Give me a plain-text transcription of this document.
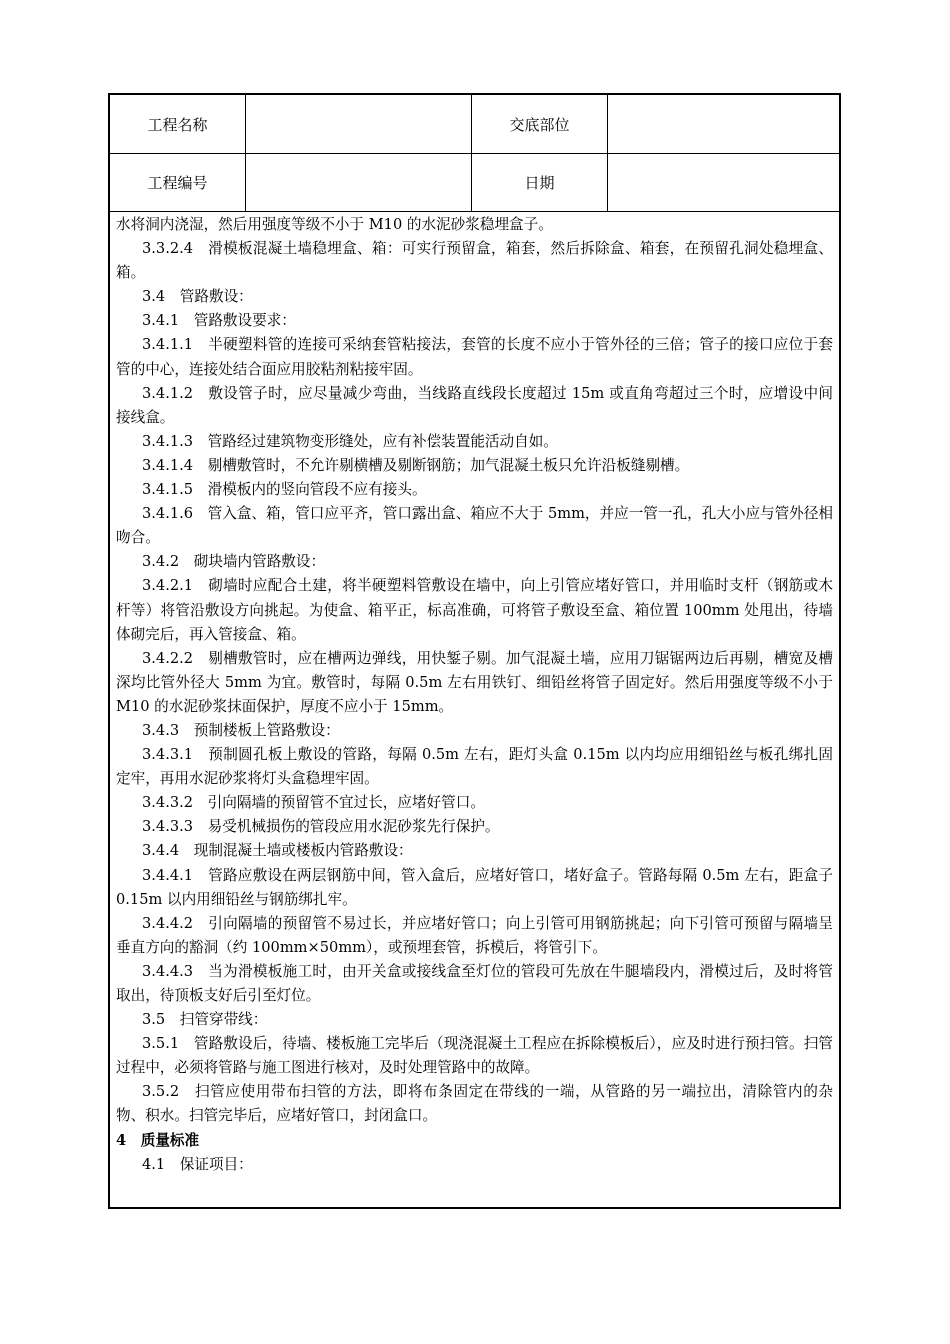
工程名称	交底部位
工程编号	日期

水将洞内浇湿，然后用强度等级不小于 M10 的水泥砂浆稳埋盒子。

3.3.2.4　滑模板混凝土墙稳埋盒、箱：可实行预留盒，箱套，然后拆除盒、箱套，在预留孔洞处稳埋盒、箱。

3.4　管路敷设：

3.4.1　管路敷设要求：

3.4.1.1　半硬塑料管的连接可采纳套管粘接法，套管的长度不应小于管外径的三倍；管子的接口应位于套管的中心，连接处结合面应用胶粘剂粘接牢固。

3.4.1.2　敷设管子时，应尽量减少弯曲，当线路直线段长度超过 15m 或直角弯超过三个时，应增设中间接线盒。

3.4.1.3　管路经过建筑物变形缝处，应有补偿装置能活动自如。

3.4.1.4　剔槽敷管时，不允许剔横槽及剔断钢筋；加气混凝土板只允许沿板缝剔槽。

3.4.1.5　滑模板内的竖向管段不应有接头。

3.4.1.6　管入盒、箱，管口应平齐，管口露出盒、箱应不大于 5mm，并应一管一孔，孔大小应与管外径相吻合。

3.4.2　砌块墙内管路敷设：

3.4.2.1　砌墙时应配合土建，将半硬塑料管敷设在墙中，向上引管应堵好管口，并用临时支杆（钢筋或木杆等）将管沿敷设方向挑起。为使盒、箱平正，标高准确，可将管子敷设至盒、箱位置 100mm 处甩出，待墙体砌完后，再入管接盒、箱。

3.4.2.2　剔槽敷管时，应在槽两边弹线，用快錾子剔。加气混凝土墙，应用刀锯锯两边后再剔，槽宽及槽深均比管外径大 5mm 为宜。敷管时，每隔 0.5m 左右用铁钉、细铅丝将管子固定好。然后用强度等级不小于 M10 的水泥砂浆抹面保护，厚度不应小于 15mm。

3.4.3　预制楼板上管路敷设：

3.4.3.1　预制圆孔板上敷设的管路，每隔 0.5m 左右，距灯头盒 0.15m 以内均应用细铅丝与板孔绑扎固定牢，再用水泥砂浆将灯头盒稳埋牢固。

3.4.3.2　引向隔墙的预留管不宜过长，应堵好管口。

3.4.3.3　易受机械损伤的管段应用水泥砂浆先行保护。

3.4.4　现制混凝土墙或楼板内管路敷设：

3.4.4.1　管路应敷设在两层钢筋中间，管入盒后，应堵好管口，堵好盒子。管路每隔 0.5m 左右，距盒子 0.15m 以内用细铅丝与钢筋绑扎牢。

3.4.4.2　引向隔墙的预留管不易过长，并应堵好管口；向上引管可用钢筋挑起；向下引管可预留与隔墙呈垂直方向的豁洞（约 100mm×50mm），或预埋套管，拆模后，将管引下。

3.4.4.3　当为滑模板施工时，由开关盒或接线盒至灯位的管段可先放在牛腿墙段内，滑模过后，及时将管取出，待顶板支好后引至灯位。

3.5　扫管穿带线：

3.5.1　管路敷设后，待墙、楼板施工完毕后（现浇混凝土工程应在拆除模板后），应及时进行预扫管。扫管过程中，必须将管路与施工图进行核对，及时处理管路中的故障。

3.5.2　扫管应使用带布扫管的方法，即将布条固定在带线的一端，从管路的另一端拉出，清除管内的杂物、积水。扫管完毕后，应堵好管口，封闭盒口。

4　质量标准

4.1　保证项目：
